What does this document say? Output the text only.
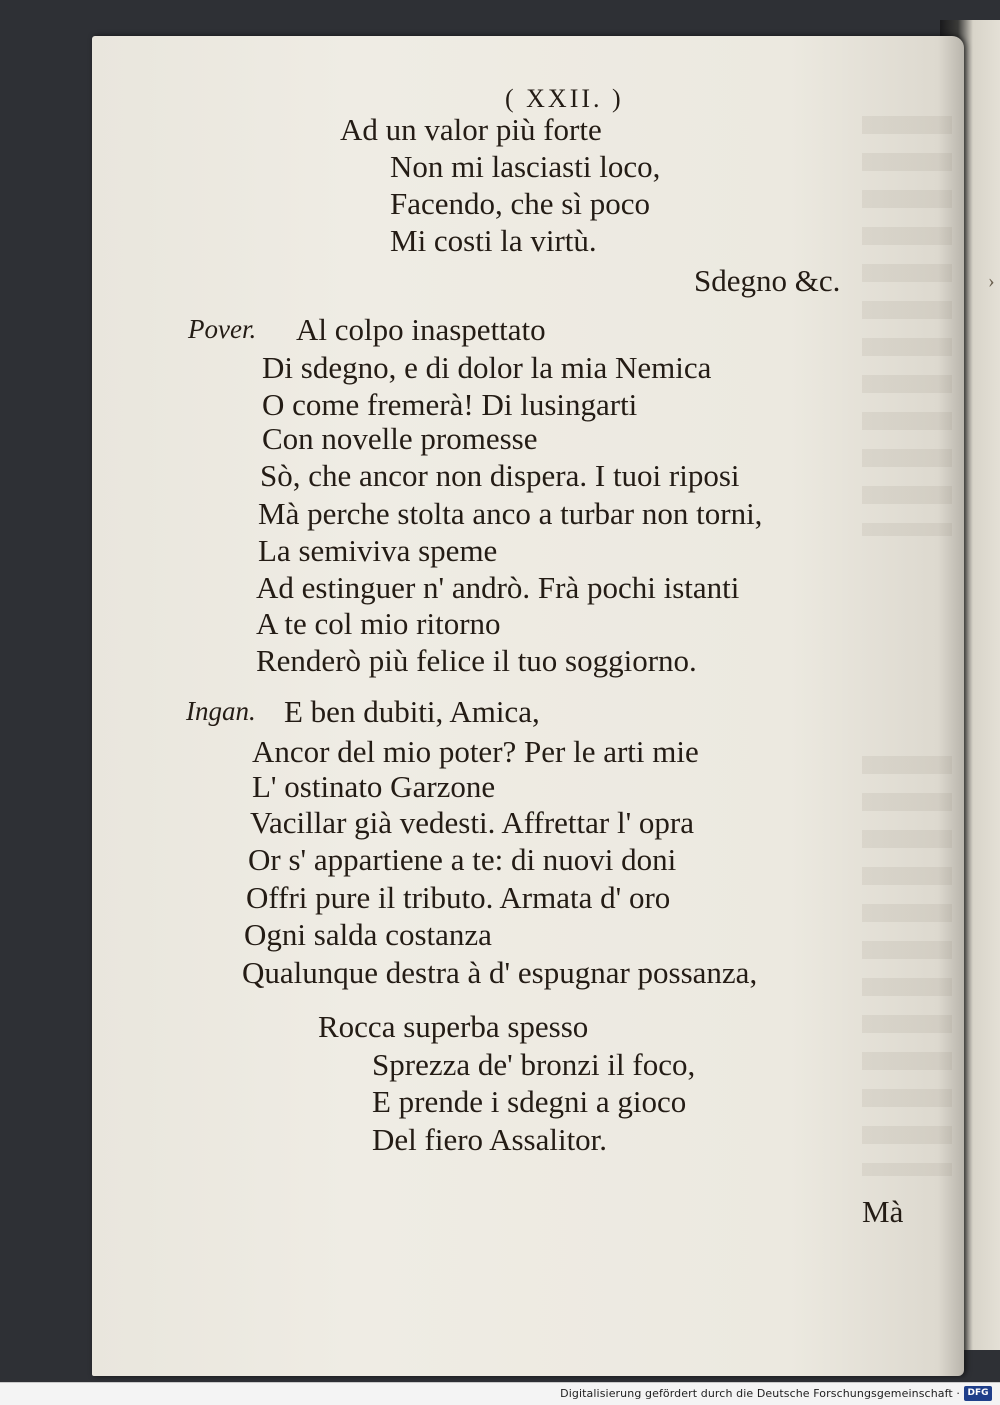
›
( XXII. )
Ad un valor più forte
Non mi lasciasti loco,
Facendo, che sì poco
Mi costi la virtù.
Sdegno &c.
Pover. Al colpo inaspettato
Di sdegno, e di dolor la mia Nemica
O come fremerà! Di lusingarti
Con novelle promesse
Sò, che ancor non dispera. I tuoi riposi
Mà perche stolta anco a turbar non torni,
La semiviva speme
Ad estinguer n' andrò. Frà pochi istanti
A te col mio ritorno
Renderò più felice il tuo soggiorno.
Ingan. E ben dubiti, Amica,
Ancor del mio poter? Per le arti mie
L' ostinato Garzone
Vacillar già vedesti. Affrettar l' opra
Or s' appartiene a te: di nuovi doni
Offri pure il tributo. Armata d' oro
Ogni salda costanza
Qualunque destra à d' espugnar possanza,
Rocca superba spesso
Sprezza de' bronzi il foco,
E prende i sdegni a gioco
Del fiero Assalitor.
Mà
Digitalisierung gefördert durch die Deutsche Forschungsgemeinschaft · DFG
